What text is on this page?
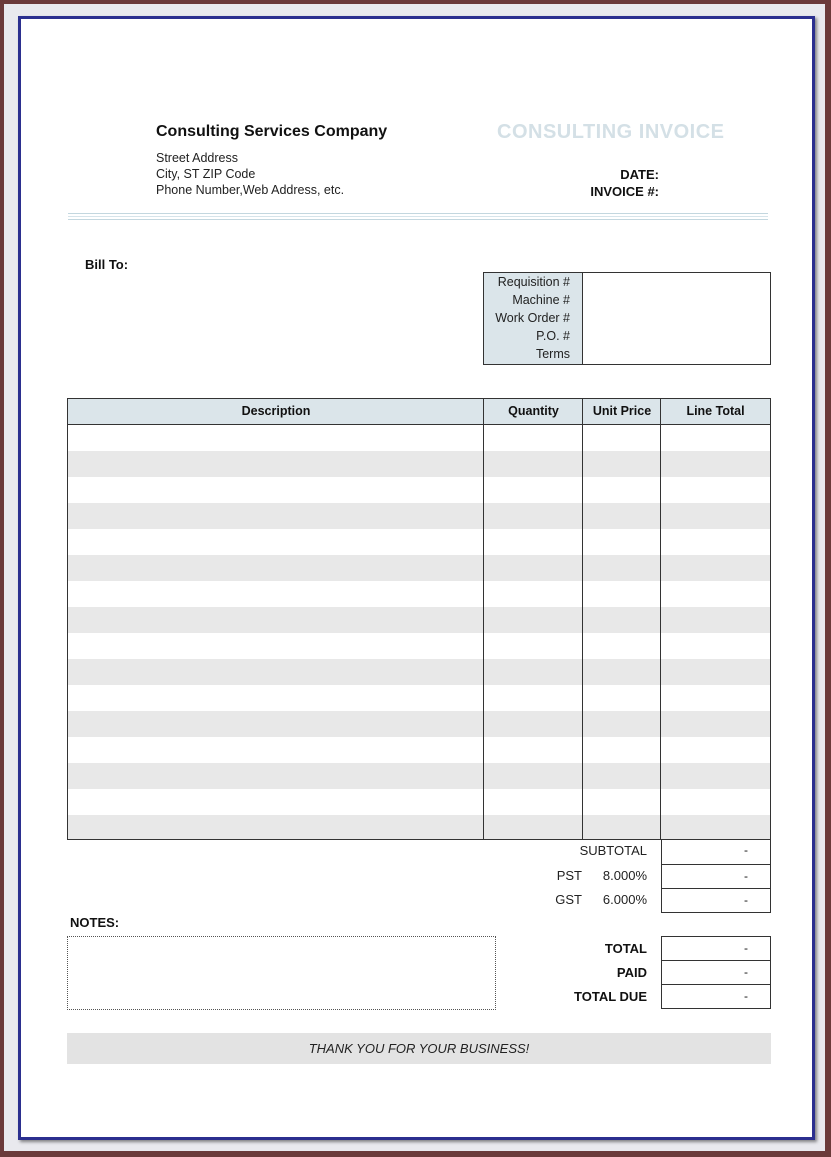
Consulting Services Company
Street Address
City, ST ZIP Code
Phone Number,Web Address, etc.
CONSULTING INVOICE
DATE:
INVOICE #:
Bill To:
Requisition #
Machine #
Work Order #
P.O. #
Terms
Description	Quantity	Unit Price	Line Total
SUBTOTAL	-
PST	8.000%	-
GST	6.000%	-
NOTES:
TOTAL	-
PAID	-
TOTAL DUE	-
THANK YOU FOR YOUR BUSINESS!
